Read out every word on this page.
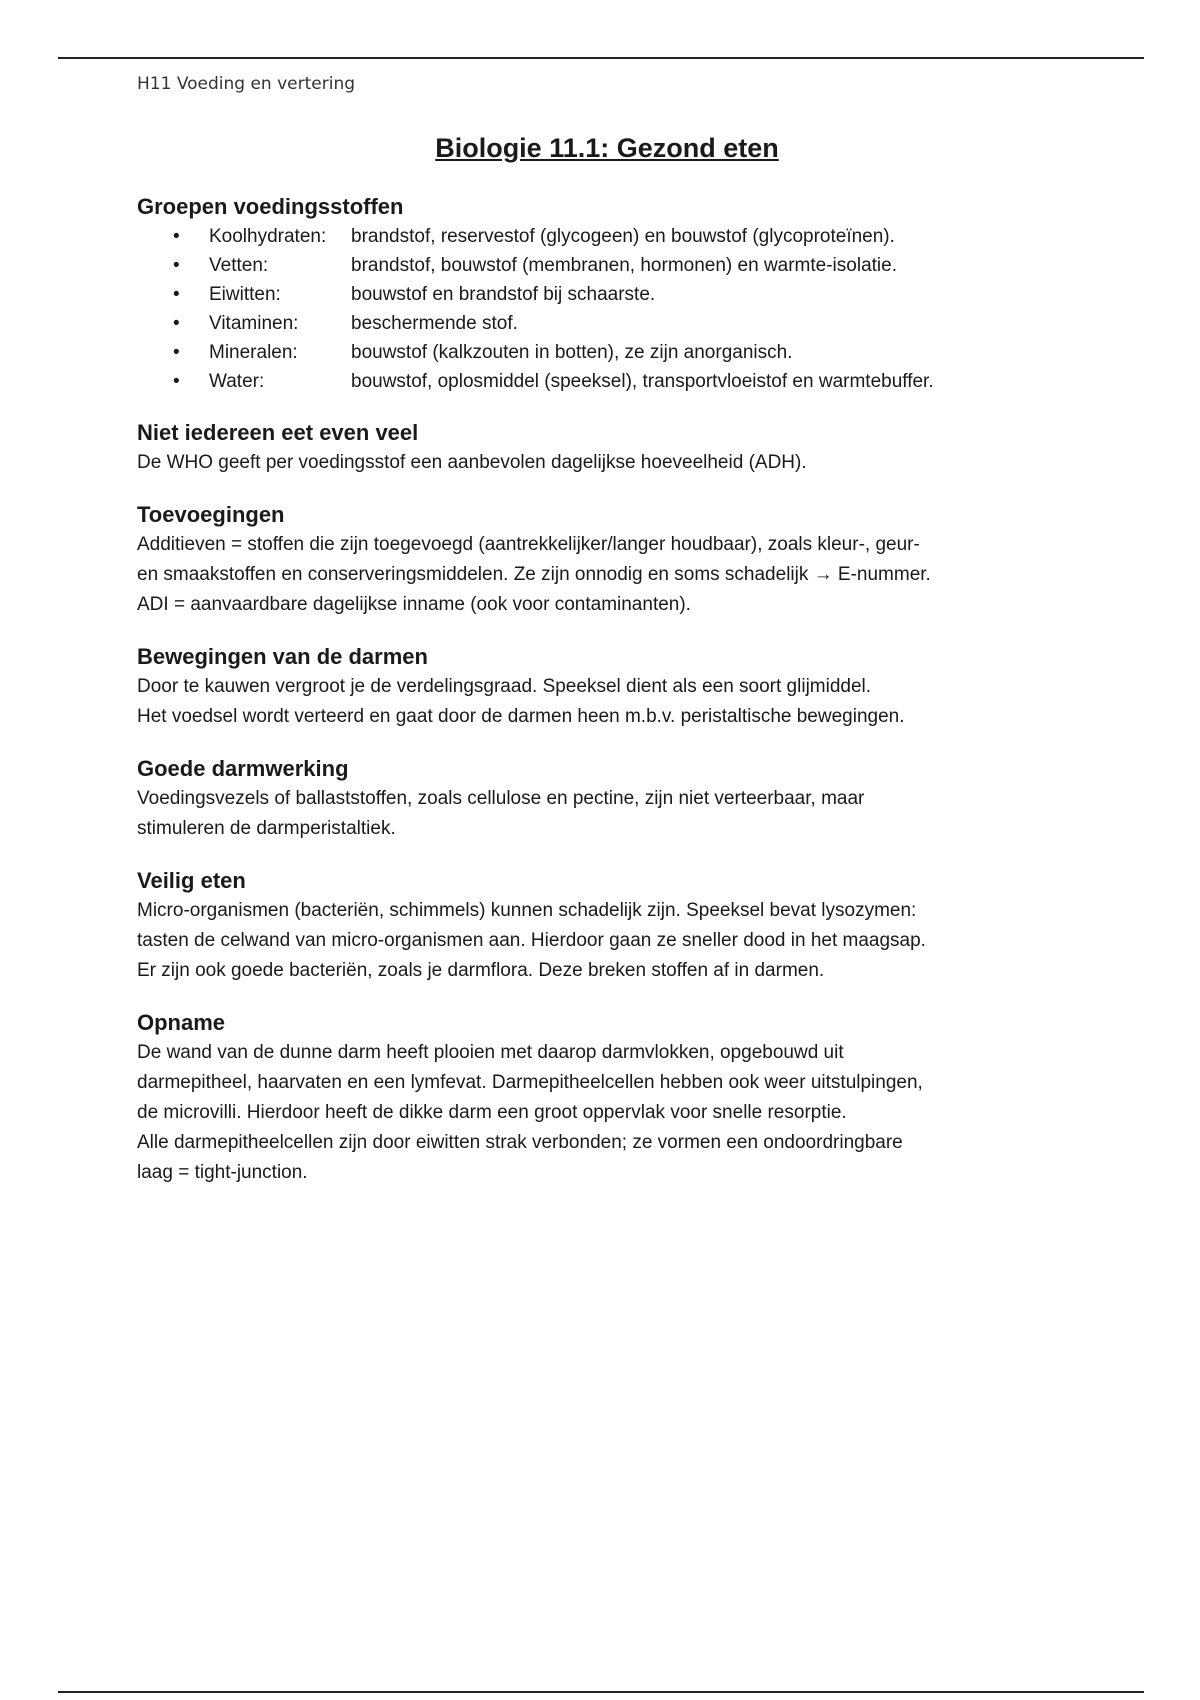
H11 Voeding en vertering
Biologie 11.1: Gezond eten
Groepen voedingsstoffen
• Koolhydraten: brandstof, reservestof (glycogeen) en bouwstof (glycoproteïnen).
• Vetten:	brandstof, bouwstof (membranen, hormonen) en warmte-isolatie.
• Eiwitten:	bouwstof en brandstof bij schaarste.
• Vitaminen:	beschermende stof.
• Mineralen:	bouwstof (kalkzouten in botten), ze zijn anorganisch.
• Water:	bouwstof, oplosmiddel (speeksel), transportvloeistof en warmtebuffer.
Niet iedereen eet even veel

De WHO geeft per voedingsstof een aanbevolen dagelijkse hoeveelheid (ADH).

Toevoegingen

Additieven = stoffen die zijn toegevoegd (aantrekkelijker/langer houdbaar), zoals kleur-, geur-

en smaakstoffen en conserveringsmiddelen. Ze zijn onnodig en soms schadelijk → E-nummer.

ADI = aanvaardbare dagelijkse inname (ook voor contaminanten).

Bewegingen van de darmen

Door te kauwen vergroot je de verdelingsgraad. Speeksel dient als een soort glijmiddel.

Het voedsel wordt verteerd en gaat door de darmen heen m.b.v. peristaltische bewegingen.

Goede darmwerking

Voedingsvezels of ballaststoffen, zoals cellulose en pectine, zijn niet verteerbaar, maar

stimuleren de darmperistaltiek.

Veilig eten

Micro-organismen (bacteriën, schimmels) kunnen schadelijk zijn. Speeksel bevat lysozymen:

tasten de celwand van micro-organismen aan. Hierdoor gaan ze sneller dood in het maagsap.

Er zijn ook goede bacteriën, zoals je darmflora. Deze breken stoffen af in darmen.

Opname

De wand van de dunne darm heeft plooien met daarop darmvlokken, opgebouwd uit

darmepitheel, haarvaten en een lymfevat. Darmepitheelcellen hebben ook weer uitstulpingen,

de microvilli. Hierdoor heeft de dikke darm een groot oppervlak voor snelle resorptie.

Alle darmepitheelcellen zijn door eiwitten strak verbonden; ze vormen een ondoordringbare

laag = tight-junction.
